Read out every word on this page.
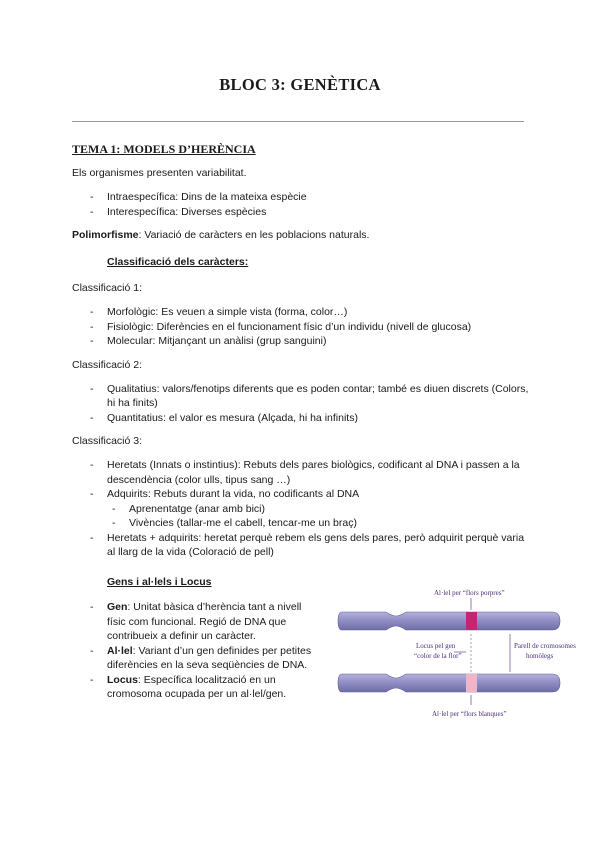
BLOC 3: GENÈTICA
TEMA 1: MODELS D’HERÈNCIA

Els organismes presenten variabilitat.

- Intraespecífica: Dins de la mateixa espècie
- Interespecífica: Diverses espècies

Polimorfisme: Variació de caràcters en les poblacions naturals.

Classificació dels caràcters:

Classificació 1:

- Morfològic: Es veuen a simple vista (forma, color…)
- Fisiològic: Diferències en el funcionament físic d’un individu (nivell de glucosa)
- Molecular: Mitjançant un anàlisi (grup sanguini)

Classificació 2:

- Qualitatius: valors/fenotips diferents que es poden contar; també es diuen discrets (Colors, hi ha finits)
- Quantitatius: el valor es mesura (Alçada, hi ha infinits)

Classificació 3:

- Heretats (Innats o instintius): Rebuts dels pares biològics, codificant al DNA i passen a la descendència (color ulls, tipus sang …)
- Adquirits: Rebuts durant la vida, no codificants al DNA
- Aprenentatge (anar amb bici)
- Vivències (tallar-me el cabell, tencar-me un braç)
- Heretats + adquirits: heretat perquè rebem els gens dels pares, però adquirit perquè varia al llarg de la vida (Coloració de pell)
Gens i al·lels i Locus
- Gen: Unitat bàsica d’herència tant a nivell físic com funcional. Regió de DNA que contribueix a definir un caràcter.
- Al·lel: Variant d’un gen definides per petites diferències en la seva seqüències de DNA.
- Locus: Específica localització en un cromosoma ocupada per un al·lel/gen.
Al·lel per “flors porpres”
Locus pel gen
“color de la flor”
Parell de cromosomes
homòlegs
Al·lel per “flors blanques”
